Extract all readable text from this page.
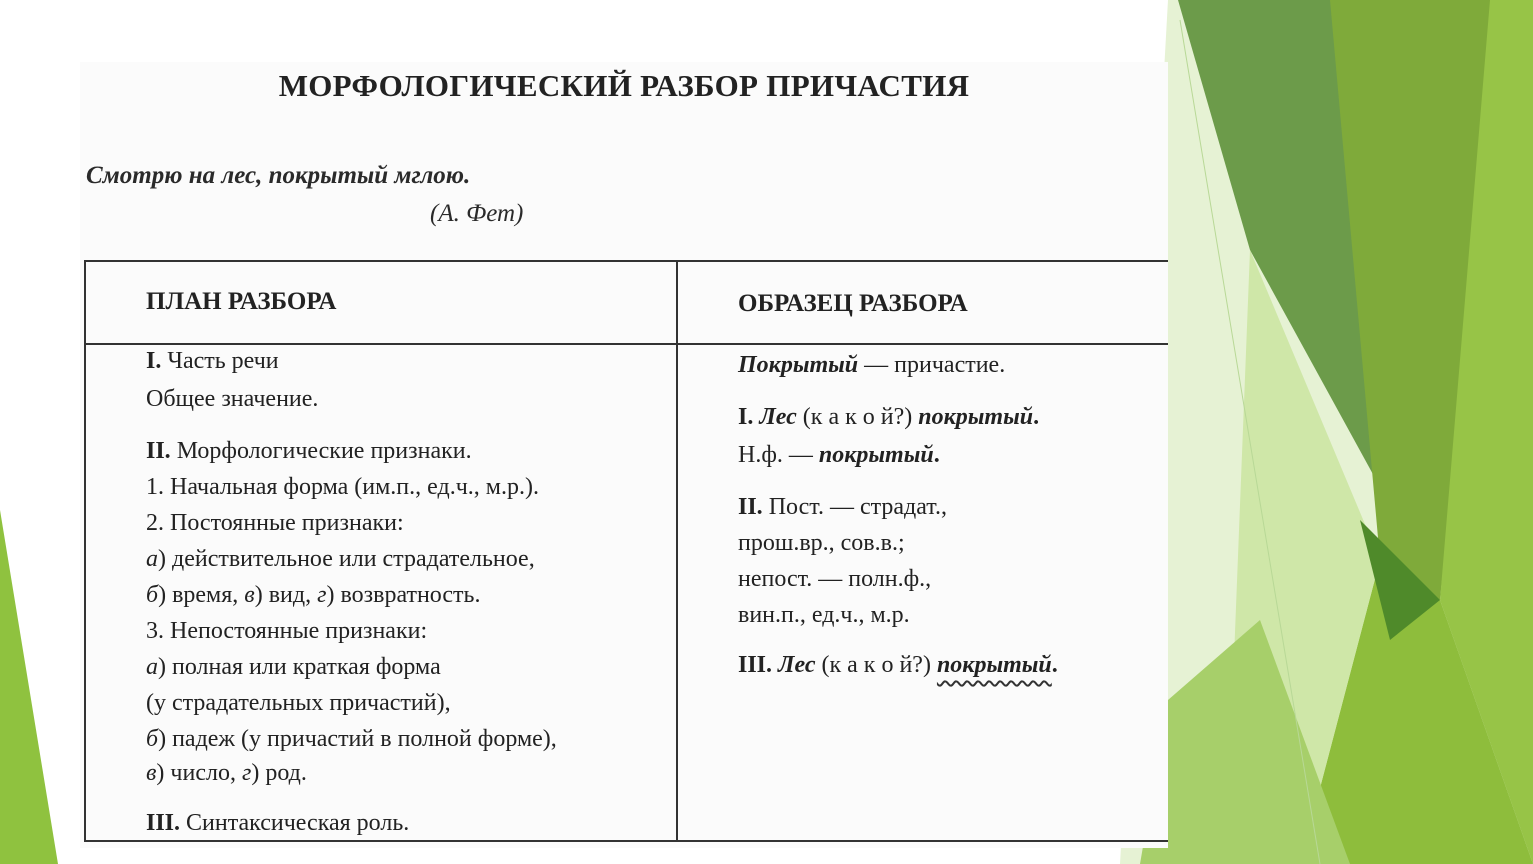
МОРФОЛОГИЧЕСКИЙ РАЗБОР ПРИЧАСТИЯ
Смотрю на лес, покрытый мглою.
(А. Фет)
ПЛАН РАЗБОРА	ОБРАЗЕЦ РАЗБОРА
I. Часть речи
Общее значение.
II. Морфологические признаки.
1. Начальная форма (им.п., ед.ч., м.р.).
2. Постоянные признаки:
а) действительное или страдательное,
б) время, в) вид, г) возвратность.
3. Непостоянные признаки:
а) полная или краткая форма
(у страдательных причастий),
б) падеж (у причастий в полной форме),
в) число, г) род.
III. Синтаксическая роль.
Покрытый — причастие.
I. Лес (к а к о й?) покрытый.
Н.ф. — покрытый.
II. Пост. — страдат.,
прош.вр., сов.в.;
непост. — полн.ф.,
вин.п., ед.ч., м.р.
III. Лес (к а к о й?) покрытый.
